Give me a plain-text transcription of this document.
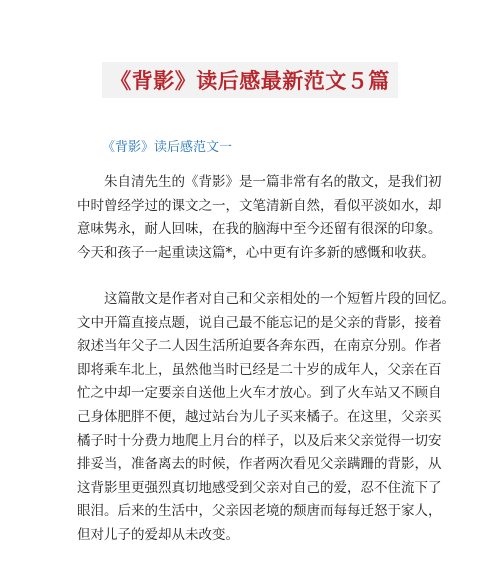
《背影》读后感最新范文５篇
《背影》读后感范文一

　　朱自清先生的《背影》是一篇非常有名的散文，是我们初
中时曾经学过的课文之一，文笔清新自然，看似平淡如水，却
意味隽永，耐人回味，在我的脑海中至今还留有很深的印象。
今天和孩子一起重读这篇*，心中更有许多新的感慨和收获。

　　这篇散文是作者对自己和父亲相处的一个短暂片段的回忆。
文中开篇直接点题，说自己最不能忘记的是父亲的背影，接着
叙述当年父子二人因生活所迫要各奔东西，在南京分别。作者
即将乘车北上，虽然他当时已经是二十岁的成年人，父亲在百
忙之中却一定要亲自送他上火车才放心。到了火车站又不顾自
己身体肥胖不便，越过站台为儿子买来橘子。在这里，父亲买
橘子时十分费力地爬上月台的样子，以及后来父亲觉得一切安
排妥当，准备离去的时候，作者两次看见父亲蹒跚的背影，从
这背影里更强烈真切地感受到父亲对自己的爱，忍不住流下了
眼泪。后来的生活中，父亲因老境的颓唐而每每迁怒于家人，
但对儿子的爱却从未改变。
